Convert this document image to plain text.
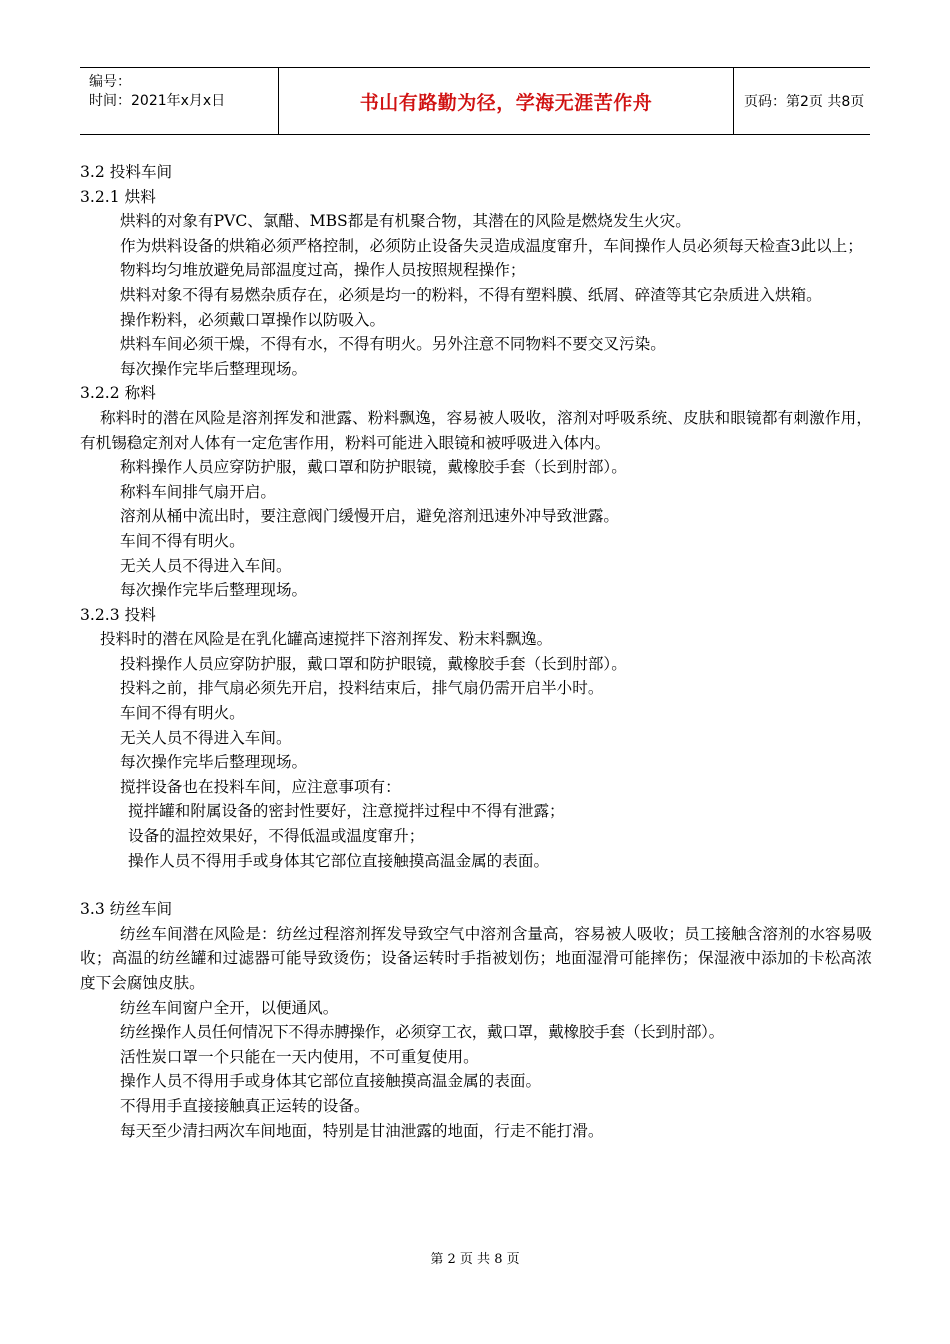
编号：
时间：2021年x月x日	书山有路勤为径，学海无涯苦作舟	页码：第2页 共8页

3.2 投料车间

3.2.1 烘料

烘料的对象有PVC、氯醋、MBS都是有机聚合物，其潜在的风险是燃烧发生火灾。

作为烘料设备的烘箱必须严格控制，必须防止设备失灵造成温度窜升，车间操作人员必须每天检查3此以上；

物料均匀堆放避免局部温度过高，操作人员按照规程操作；

烘料对象不得有易燃杂质存在，必须是均一的粉料，不得有塑料膜、纸屑、碎渣等其它杂质进入烘箱。

操作粉料，必须戴口罩操作以防吸入。

烘料车间必须干燥，不得有水，不得有明火。另外注意不同物料不要交叉污染。

每次操作完毕后整理现场。

3.2.2 称料

称料时的潜在风险是溶剂挥发和泄露、粉料飘逸，容易被人吸收，溶剂对呼吸系统、皮肤和眼镜都有刺激作用，有机锡稳定剂对人体有一定危害作用，粉料可能进入眼镜和被呼吸进入体内。

称料操作人员应穿防护服，戴口罩和防护眼镜，戴橡胶手套（长到肘部）。

称料车间排气扇开启。

溶剂从桶中流出时，要注意阀门缓慢开启，避免溶剂迅速外冲导致泄露。

车间不得有明火。

无关人员不得进入车间。

每次操作完毕后整理现场。

3.2.3 投料

投料时的潜在风险是在乳化罐高速搅拌下溶剂挥发、粉末料飘逸。

投料操作人员应穿防护服，戴口罩和防护眼镜，戴橡胶手套（长到肘部）。

投料之前，排气扇必须先开启，投料结束后，排气扇仍需开启半小时。

车间不得有明火。

无关人员不得进入车间。

每次操作完毕后整理现场。

搅拌设备也在投料车间，应注意事项有：

搅拌罐和附属设备的密封性要好，注意搅拌过程中不得有泄露；

设备的温控效果好，不得低温或温度窜升；

操作人员不得用手或身体其它部位直接触摸高温金属的表面。

3.3 纺丝车间

纺丝车间潜在风险是：纺丝过程溶剂挥发导致空气中溶剂含量高，容易被人吸收；员工接触含溶剂的水容易吸收；高温的纺丝罐和过滤器可能导致烫伤；设备运转时手指被划伤；地面湿滑可能摔伤；保湿液中添加的卡松高浓度下会腐蚀皮肤。

纺丝车间窗户全开，以便通风。

纺丝操作人员任何情况下不得赤膊操作，必须穿工衣，戴口罩，戴橡胶手套（长到肘部）。

活性炭口罩一个只能在一天内使用，不可重复使用。

操作人员不得用手或身体其它部位直接触摸高温金属的表面。

不得用手直接接触真正运转的设备。

每天至少清扫两次车间地面，特别是甘油泄露的地面，行走不能打滑。

第 2 页 共 8 页
